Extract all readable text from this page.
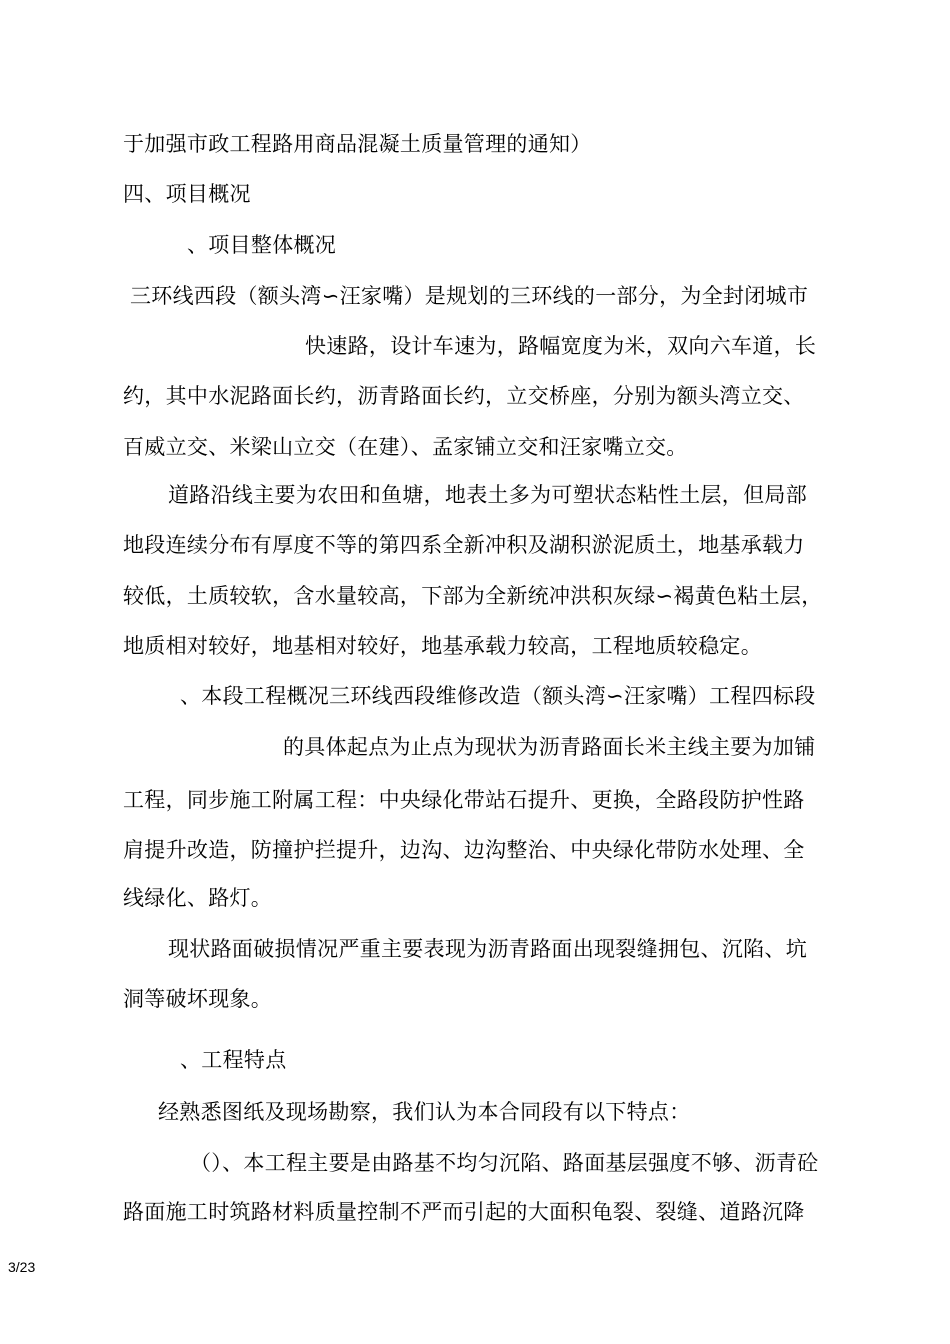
于加强市政工程路用商品混凝土质量管理的通知）
四、项目概况
、项目整体概况
三环线西段（额头湾∽汪家嘴）是规划的三环线的一部分，为全封闭城市
快速路，设计车速为，路幅宽度为米，双向六车道，长
约，其中水泥路面长约，沥青路面长约，立交桥座，分别为额头湾立交、
百威立交、米梁山立交（在建）、孟家铺立交和汪家嘴立交。
道路沿线主要为农田和鱼塘，地表土多为可塑状态粘性土层，但局部
地段连续分布有厚度不等的第四系全新冲积及湖积淤泥质土，地基承载力
较低，土质较软，含水量较高，下部为全新统冲洪积灰绿∽褐黄色粘土层，
地质相对较好，地基相对较好，地基承载力较高，工程地质较稳定。
、本段工程概况三环线西段维修改造（额头湾∽汪家嘴）工程四标段
的具体起点为止点为现状为沥青路面长米主线主要为加铺
工程，同步施工附属工程：中央绿化带站石提升、更换，全路段防护性路
肩提升改造，防撞护拦提升，边沟、边沟整治、中央绿化带防水处理、全
线绿化、路灯。
现状路面破损情况严重主要表现为沥青路面出现裂缝拥包、沉陷、坑
洞等破坏现象。
、工程特点
经熟悉图纸及现场勘察，我们认为本合同段有以下特点：
（）、本工程主要是由路基不均匀沉陷、路面基层强度不够、沥青砼
路面施工时筑路材料质量控制不严而引起的大面积龟裂、裂缝、道路沉降
3/23
